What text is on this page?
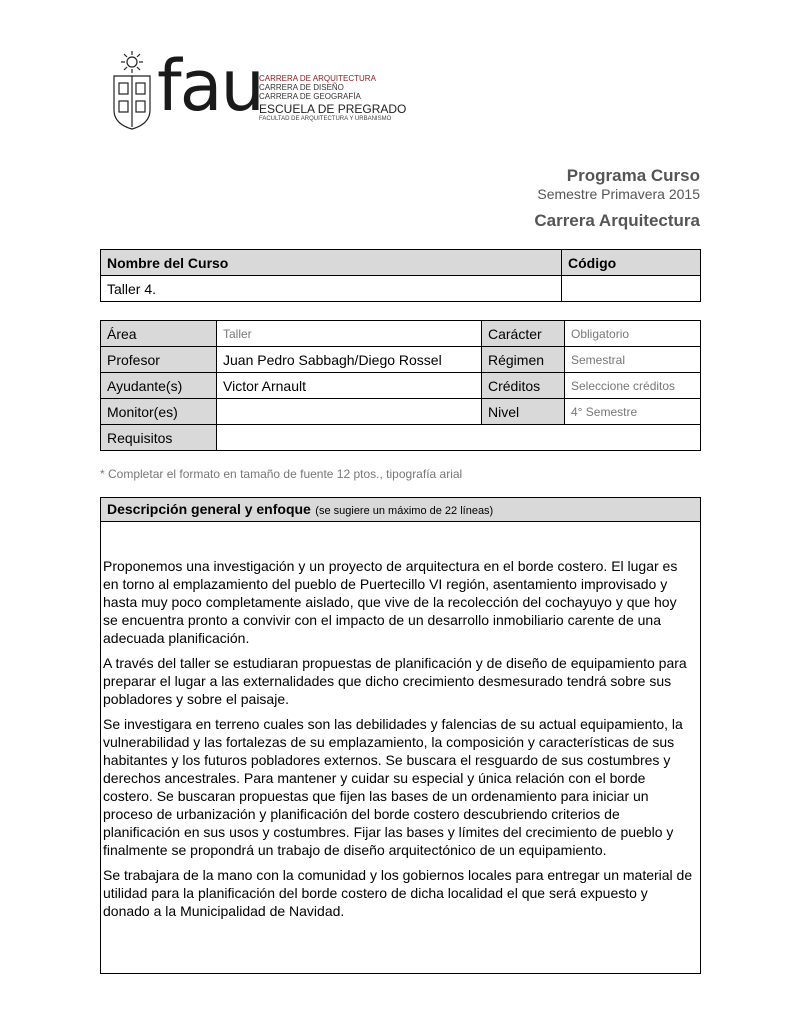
fau
CARRERA DE ARQUITECTURA
CARRERA DE DISEÑO
CARRERA DE GEOGRAFÍA
ESCUELA DE PREGRADO
FACULTAD DE ARQUITECTURA Y URBANISMO
Programa Curso
Semestre Primavera 2015
Carrera Arquitectura
Nombre del Curso	Código
Taller 4.	
Área	Taller	Carácter	Obligatorio
Profesor	Juan Pedro Sabbagh/Diego Rossel	Régimen	Semestral
Ayudante(s)	Victor Arnault	Créditos	Seleccione créditos
Monitor(es)		Nivel	4° Semestre
Requisitos			
* Completar el formato en tamaño de fuente 12 ptos., tipografía arial
Descripción general y enfoque (se sugiere un máximo de 22 líneas)

Proponemos una investigación y un proyecto de arquitectura en el borde costero. El lugar es en torno al emplazamiento del pueblo de Puertecillo VI región, asentamiento improvisado y hasta muy poco completamente aislado, que vive de la recolección del cochayuyo y que hoy se encuentra pronto a convivir con el impacto de un desarrollo inmobiliario carente de una adecuada planificación.

A través del taller se estudiaran propuestas de planificación y de diseño de equipamiento para preparar el lugar a las externalidades que dicho crecimiento desmesurado tendrá sobre sus pobladores y sobre el paisaje.

Se investigara en terreno cuales son las debilidades y falencias de su actual equipamiento, la vulnerabilidad y las fortalezas de su emplazamiento, la composición y características de sus habitantes y los futuros pobladores externos. Se buscara el resguardo de sus costumbres y derechos ancestrales. Para mantener y cuidar su especial y única relación con el borde costero. Se buscaran propuestas que fijen las bases de un ordenamiento para iniciar un proceso de urbanización y planificación del borde costero descubriendo criterios de planificación en sus usos y costumbres. Fijar las bases y límites del crecimiento de pueblo y finalmente se propondrá un trabajo de diseño arquitectónico de un equipamiento.

Se trabajara de la mano con la comunidad y los gobiernos locales para entregar un material de utilidad para la planificación del borde costero de dicha localidad el que será expuesto y donado a la Municipalidad de Navidad.
